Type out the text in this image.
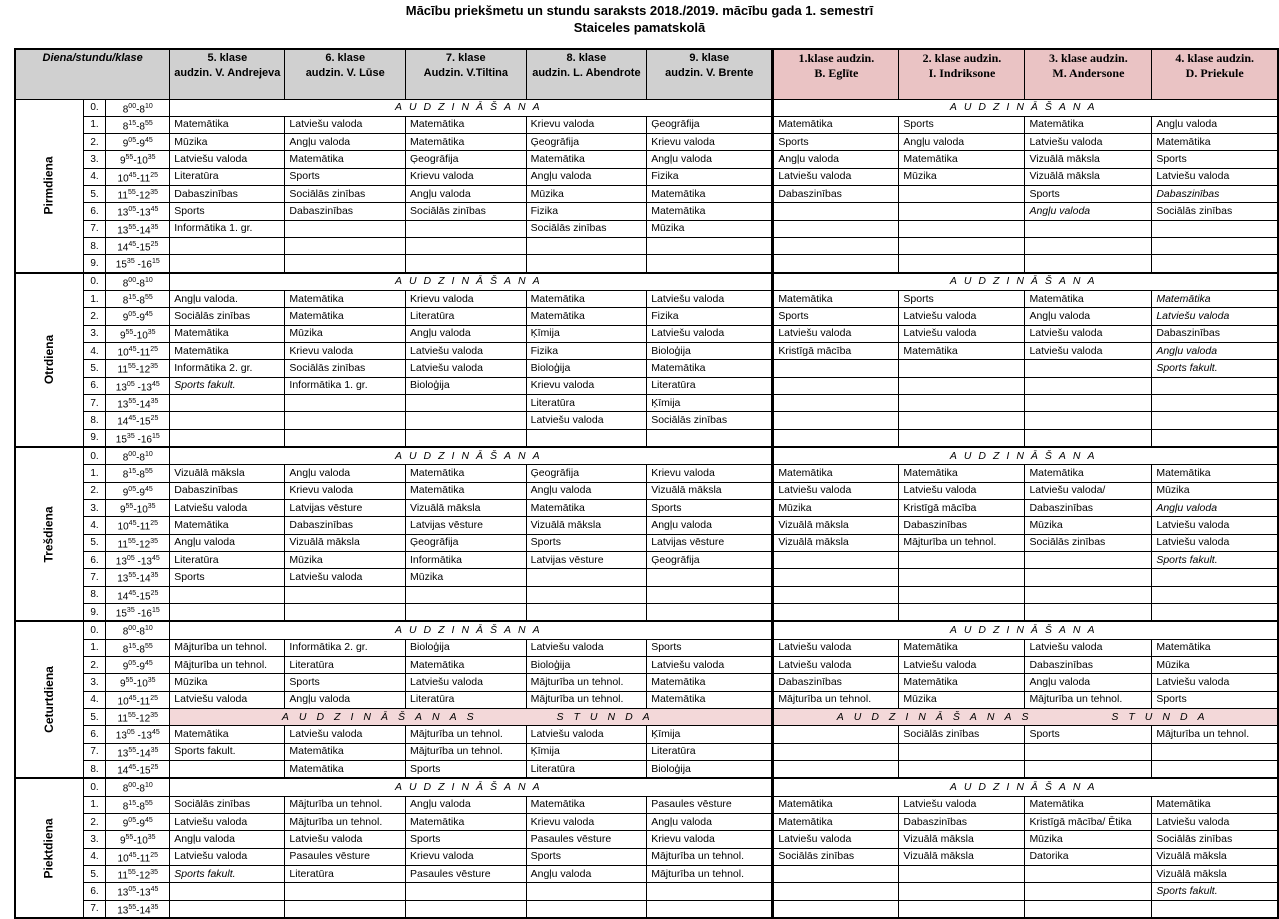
Mācību priekšmetu un stundu saraksts 2018./2019. mācību gada 1. semestrī
Staiceles pamatskolā
Diena/stundu/klase			5. klase
audzin. V. Andrejeva	6. klase
audzin. V. Lūse	7. klase
Audzin. V.Tiltina	8. klase
audzin. L. Abendrote	9. klase
audzin. V. Brente	1.klase audzin.
B. Eglīte	2. klase audzin.
I. Indriksone	3. klase audzin.
M. Andersone	4. klase audzin.
D. Priekule
Pirmdiena	0.	$8^{00}-8^{10}$	AUDZINĀŠANA					AUDZINĀŠANA			
	1.	$8^{15}-8^{55}$	Matemātika	Latviešu valoda	Matemātika	Krievu valoda	Ģeogrāfija	Matemātika	Sports	Matemātika	Angļu valoda
	2.	$9^{05}-9^{45}$	Mūzika	Angļu valoda	Matemātika	Ģeogrāfija	Krievu valoda	Sports	Angļu valoda	Latviešu valoda	Matemātika
	3.	$9^{55}-10^{35}$	Latviešu valoda	Matemātika	Ģeogrāfija	Matemātika	Angļu valoda	Angļu valoda	Matemātika	Vizuālā māksla	Sports
	4.	$10^{45}-11^{25}$	Literatūra	Sports	Krievu valoda	Angļu valoda	Fizika	Latviešu valoda	Mūzika	Vizuālā māksla	Latviešu valoda
	5.	$11^{55}-12^{35}$	Dabaszinības	Sociālās zinības	Angļu valoda	Mūzika	Matemātika	Dabaszinības		Sports	Dabaszinības
	6.	$13^{05}-13^{45}$	Sports	Dabaszinības	Sociālās zinības	Fizika	Matemātika			Angļu valoda	Sociālās zinības
	7.	$13^{55}-14^{35}$	Informātika 1. gr.			Sociālās zinības	Mūzika				
	8.	$14^{45}-15^{25}$									
	9.	$15^{35}$ $-16^{15}$									
Otrdiena	0.	$8^{00}-8^{10}$	AUDZINĀŠANA					AUDZINĀŠANA			
	1.	$8^{15}-8^{55}$	Angļu valoda.	Matemātika	Krievu valoda	Matemātika	Latviešu valoda	Matemātika	Sports	Matemātika	Matemātika
	2.	$9^{05}-9^{45}$	Sociālās zinības	Matemātika	Literatūra	Matemātika	Fizika	Sports	Latviešu valoda	Angļu valoda	Latviešu valoda
	3.	$9^{55}-10^{35}$	Matemātika	Mūzika	Angļu valoda	Ķīmija	Latviešu valoda	Latviešu valoda	Latviešu valoda	Latviešu valoda	Dabaszinības
	4.	$10^{45}-11^{25}$	Matemātika	Krievu valoda	Latviešu valoda	Fizika	Bioloģija	Kristīgā mācība	Matemātika	Latviešu valoda	Angļu valoda
	5.	$11^{55}-12^{35}$	Informātika 2. gr.	Sociālās zinības	Latviešu valoda	Bioloģija	Matemātika				Sports fakult.
	6.	$13^{05}$ $-13^{45}$	Sports fakult.	Informātika 1. gr.	Bioloģija	Krievu valoda	Literatūra				
	7.	$13^{55}-14^{35}$				Literatūra	Ķīmija				
	8.	$14^{45}-15^{25}$				Latviešu valoda	Sociālās zinības				
	9.	$15^{35}$ $-16^{15}$									
Trešdiena	0.	$8^{00}-8^{10}$	AUDZINĀŠANA					AUDZINĀŠANA			
	1.	$8^{15}-8^{55}$	Vizuālā māksla	Angļu valoda	Matemātika	Ģeogrāfija	Krievu valoda	Matemātika	Matemātika	Matemātika	Matemātika
	2.	$9^{05}-9^{45}$	Dabaszinības	Krievu valoda	Matemātika	Angļu valoda	Vizuālā māksla	Latviešu valoda	Latviešu valoda	Latviešu valoda/	Mūzika
	3.	$9^{55}-10^{35}$	Latviešu valoda	Latvijas vēsture	Vizuālā māksla	Matemātika	Sports	Mūzika	Kristīgā mācība	Dabaszinības	Angļu valoda
	4.	$10^{45}-11^{25}$	Matemātika	Dabaszinības	Latvijas vēsture	Vizuālā māksla	Angļu valoda	Vizuālā māksla	Dabaszinības	Mūzika	Latviešu valoda
	5.	$11^{55}-12^{35}$	Angļu valoda	Vizuālā māksla	Ģeogrāfija	Sports	Latvijas vēsture	Vizuālā māksla	Mājturība un tehnol.	Sociālās zinības	Latviešu valoda
	6.	$13^{05}$ $-13^{45}$	Literatūra	Mūzika	Informātika	Latvijas vēsture	Ģeogrāfija				Sports fakult.
	7.	$13^{55}-14^{35}$	Sports	Latviešu valoda	Mūzika						
	8.	$14^{45}-15^{25}$									
	9.	$15^{35}$ $-16^{15}$									
Ceturtdiena	0.	$8^{00}-8^{10}$	AUDZINĀŠANA					AUDZINĀŠANA			
	1.	$8^{15}-8^{55}$	Mājturība un tehnol.	Informātika 2. gr.	Bioloģija	Latviešu valoda	Sports	Latviešu valoda	Matemātika	Latviešu valoda	Matemātika
	2.	$9^{05}-9^{45}$	Mājturība un tehnol.	Literatūra	Matemātika	Bioloģija	Latviešu valoda	Latviešu valoda	Latviešu valoda	Dabaszinības	Mūzika
	3.	$9^{55}-10^{35}$	Mūzika	Sports	Latviešu valoda	Mājturība un tehnol.	Matemātika	Dabaszinības	Matemātika	Angļu valoda	Latviešu valoda
	4.	$10^{45}-11^{25}$	Latviešu valoda	Angļu valoda	Literatūra	Mājturība un tehnol.	Matemātika	Mājturība un tehnol.	Mūzika	Mājturība un tehnol.	Sports
	5.	$11^{55}-12^{35}$	AUDZINĀŠANAS STUNDA					AUDZINĀŠANAS STUNDA			
	6.	$13^{05}$ $-13^{45}$	Matemātika	Latviešu valoda	Mājturība un tehnol.	Latviešu valoda	Ķīmija		Sociālās zinības	Sports	Mājturība un tehnol.
	7.	$13^{55}-14^{35}$	Sports fakult.	Matemātika	Mājturība un tehnol.	Ķīmija	Literatūra				
	8.	$14^{45}-15^{25}$		Matemātika	Sports	Literatūra	Bioloģija				
Piektdiena	0.	$8^{00}-8^{10}$	AUDZINĀŠANA					AUDZINĀŠANA			
	1.	$8^{15}-8^{55}$	Sociālās zinības	Mājturība un tehnol.	Angļu valoda	Matemātika	Pasaules vēsture	Matemātika	Latviešu valoda	Matemātika	Matemātika
	2.	$9^{05}-9^{45}$	Latviešu valoda	Mājturība un tehnol.	Matemātika	Krievu valoda	Angļu valoda	Matemātika	Dabaszinības	Kristīgā mācība/ Ētika	Latviešu valoda
	3.	$9^{55}-10^{35}$	Angļu valoda	Latviešu valoda	Sports	Pasaules vēsture	Krievu valoda	Latviešu valoda	Vizuālā māksla	Mūzika	Sociālās zinības
	4.	$10^{45}-11^{25}$	Latviešu valoda	Pasaules vēsture	Krievu valoda	Sports	Mājturība un tehnol.	Sociālās zinības	Vizuālā māksla	Datorika	Vizuālā māksla
	5.	$11^{55}-12^{35}$	Sports fakult.	Literatūra	Pasaules vēsture	Angļu valoda	Mājturība un tehnol.				Vizuālā māksla
	6.	$13^{05}-13^{45}$									Sports fakult.
	7.	$13^{55}-14^{35}$									
